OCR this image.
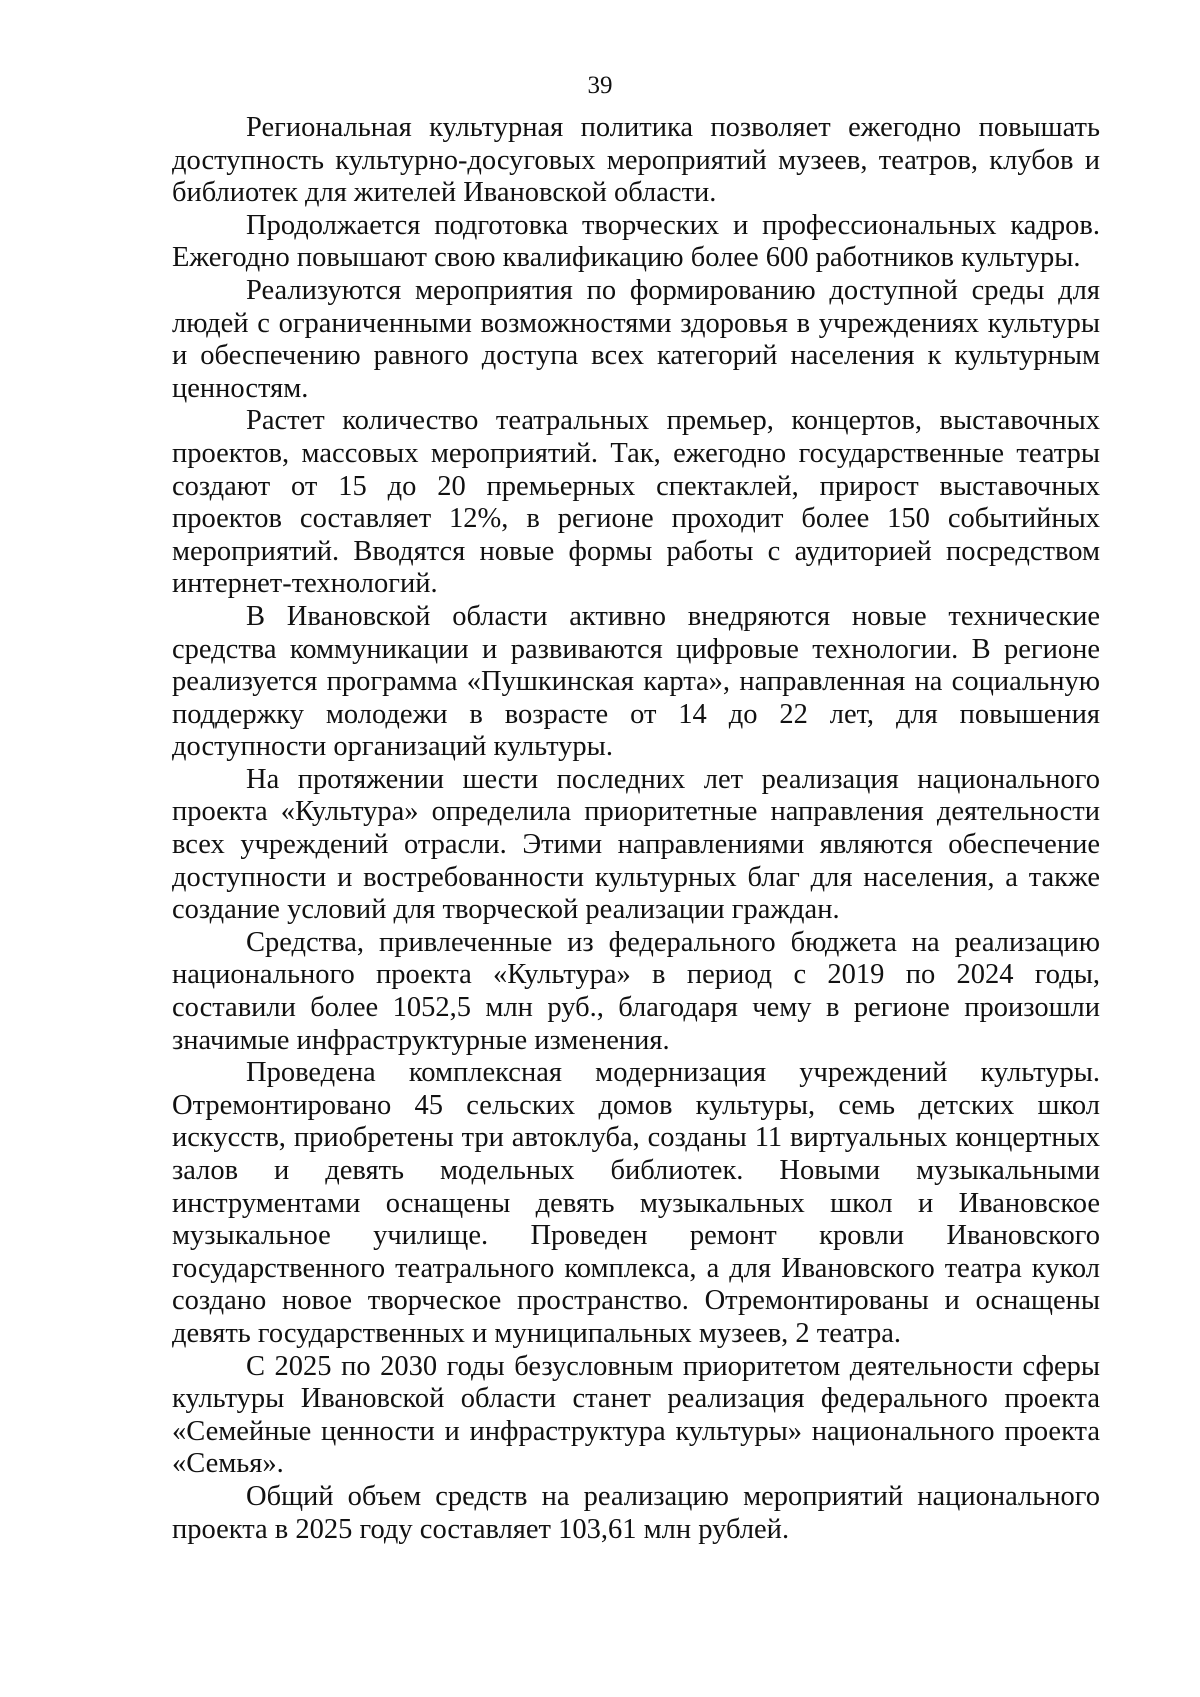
39

Региональная культурная политика позволяет ежегодно повышать доступность культурно-досуговых мероприятий музеев, театров, клубов и библиотек для жителей Ивановской области.

Продолжается подготовка творческих и профессиональных кадров. Ежегодно повышают свою квалификацию более 600 работников культуры.

Реализуются мероприятия по формированию доступной среды для людей с ограниченными возможностями здоровья в учреждениях культуры и обеспечению равного доступа всех категорий населения к культурным ценностям.

Растет количество театральных премьер, концертов, выставочных проектов, массовых мероприятий. Так, ежегодно государственные театры создают от 15 до 20 премьерных спектаклей, прирост выставочных проектов составляет 12%, в регионе проходит более 150 событийных мероприятий. Вводятся новые формы работы с аудиторией посредством интернет-технологий.

В Ивановской области активно внедряются новые технические средства коммуникации и развиваются цифровые технологии. В регионе реализуется программа «Пушкинская карта», направленная на социальную поддержку молодежи в возрасте от 14 до 22 лет, для повышения доступности организаций культуры.

На протяжении шести последних лет реализация национального проекта «Культура» определила приоритетные направления деятельности всех учреждений отрасли. Этими направлениями являются обеспечение доступности и востребованности культурных благ для населения, а также создание условий для творческой реализации граждан.

Средства, привлеченные из федерального бюджета на реализацию национального проекта «Культура» в период с 2019 по 2024 годы, составили более 1052,5 млн руб., благодаря чему в регионе произошли значимые инфраструктурные изменения.

Проведена комплексная модернизация учреждений культуры. Отремонтировано 45 сельских домов культуры, семь детских школ искусств, приобретены три автоклуба, созданы 11 виртуальных концертных залов и девять модельных библиотек. Новыми музыкальными инструментами оснащены девять музыкальных школ и Ивановское музыкальное училище. Проведен ремонт кровли Ивановского государственного театрального комплекса, а для Ивановского театра кукол создано новое творческое пространство. Отремонтированы и оснащены девять государственных и муниципальных музеев, 2 театра.

С 2025 по 2030 годы безусловным приоритетом деятельности сферы культуры Ивановской области станет реализация федерального проекта «Семейные ценности и инфраструктура культуры» национального проекта «Семья».

Общий объем средств на реализацию мероприятий национального проекта в 2025 году составляет 103,61 млн рублей.
